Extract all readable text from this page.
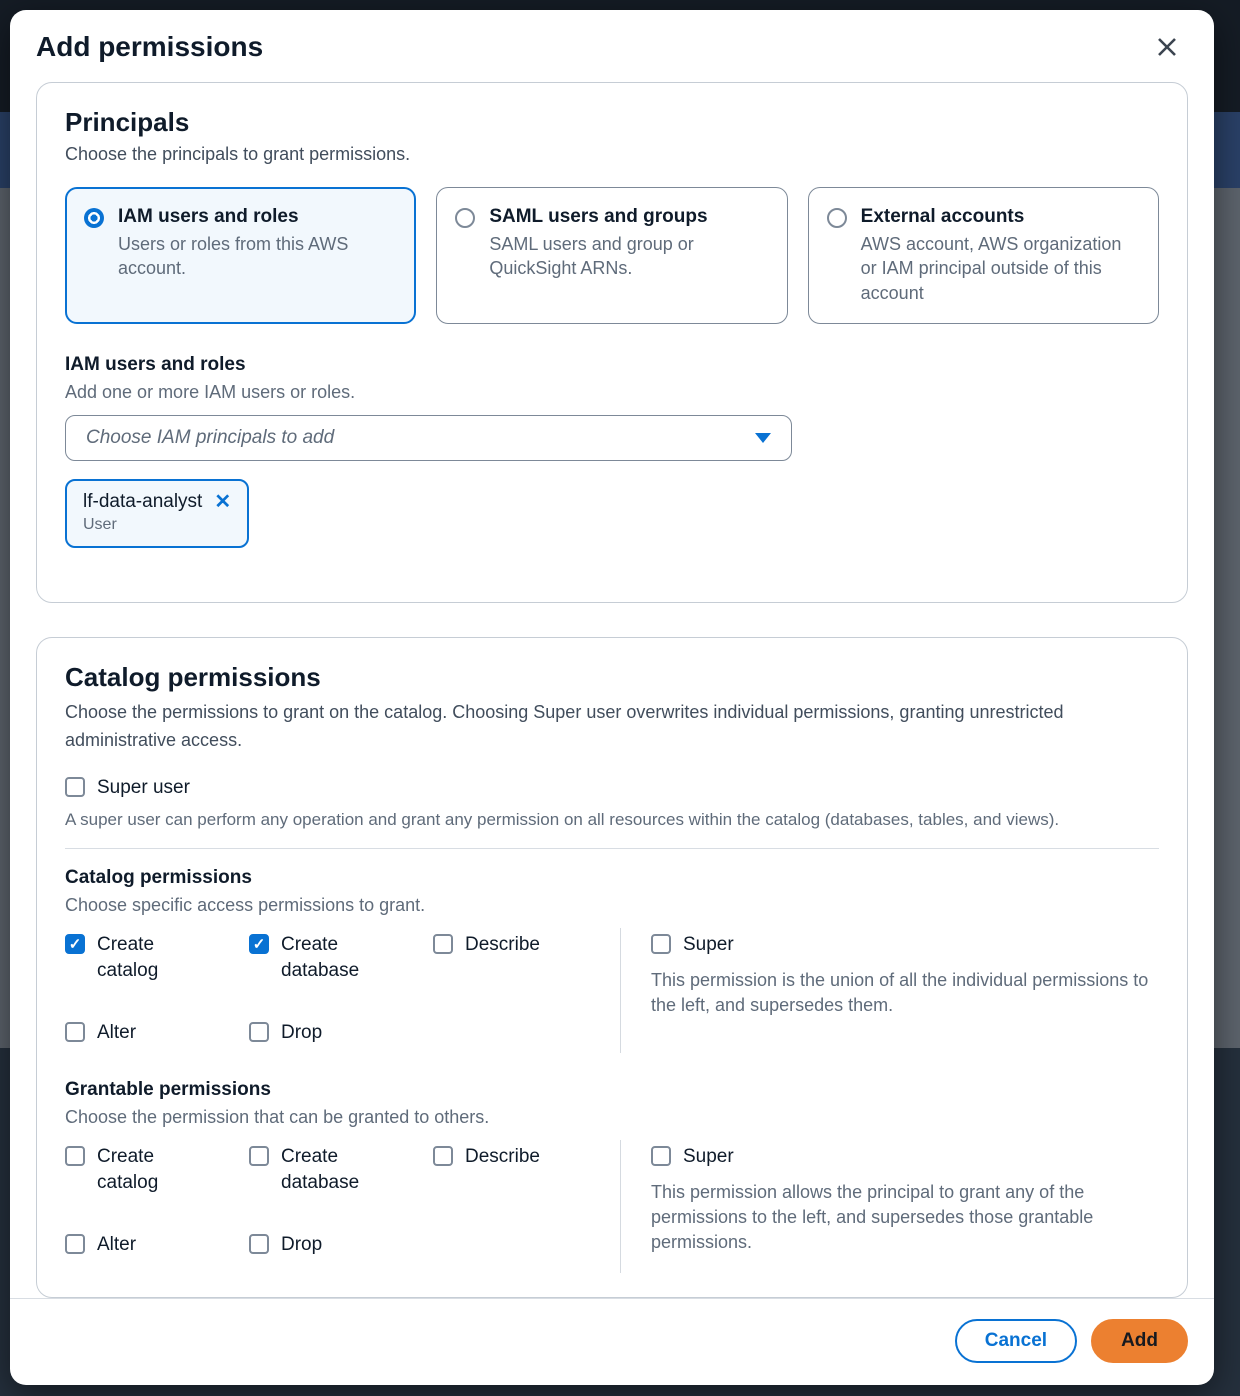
Add permissions
Principals

Choose the principals to grant permissions.

IAM users and roles
Users or roles from this AWS account.
SAML users and groups
SAML users and group or QuickSight ARNs.
External accounts
AWS account, AWS organization or IAM principal outside of this account
IAM users and roles

Add one or more IAM users or roles.

Choose IAM principals to add
lf-data-analyst ✕
User
Catalog permissions

Choose the permissions to grant on the catalog. Choosing Super user overwrites individual permissions, granting unrestricted administrative access.

Super user

A super user can perform any operation and grant any permission on all resources within the catalog (databases, tables, and views).

Catalog permissions

Choose specific access permissions to grant.

✓ Create catalog
✓ Create database
Describe
Alter	Drop
Super

This permission is the union of all the individual permissions to the left, and supersedes them.

Grantable permissions

Choose the permission that can be granted to others.

Create catalog
Create database
Describe
Alter	Drop
Super

This permission allows the principal to grant any of the permissions to the left, and supersedes those grantable permissions.

Cancel	Add
